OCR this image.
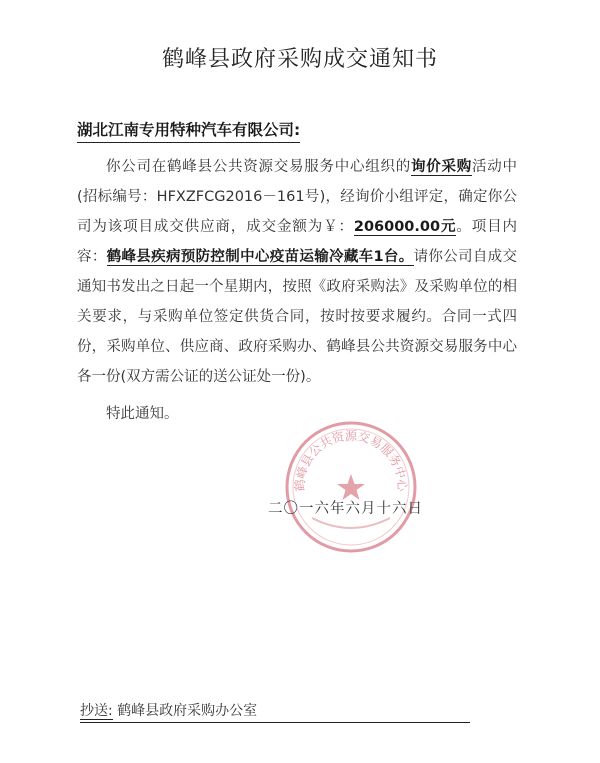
鹤峰县政府采购成交通知书
湖北江南专用特种汽车有限公司:
你公司在鹤峰县公共资源交易服务中心组织的询价采购活动中(招标编号：HFXZFCG2016－161号)，经询价小组评定，确定你公司为该项目成交供应商，成交金额为￥：206000.00元。项目内容：鹤峰县疾病预防控制中心疫苗运输冷藏车1台。请你公司自成交通知书发出之日起一个星期内，按照《政府采购法》及采购单位的相关要求，与采购单位签定供货合同，按时按要求履约。合同一式四份，采购单位、供应商、政府采购办、鹤峰县公共资源交易服务中心各一份(双方需公证的送公证处一份)。
特此通知。
鹤峰县公共资源交易服务中心
二〇一六年六月十六日
抄送: 鹤峰县政府采购办公室
